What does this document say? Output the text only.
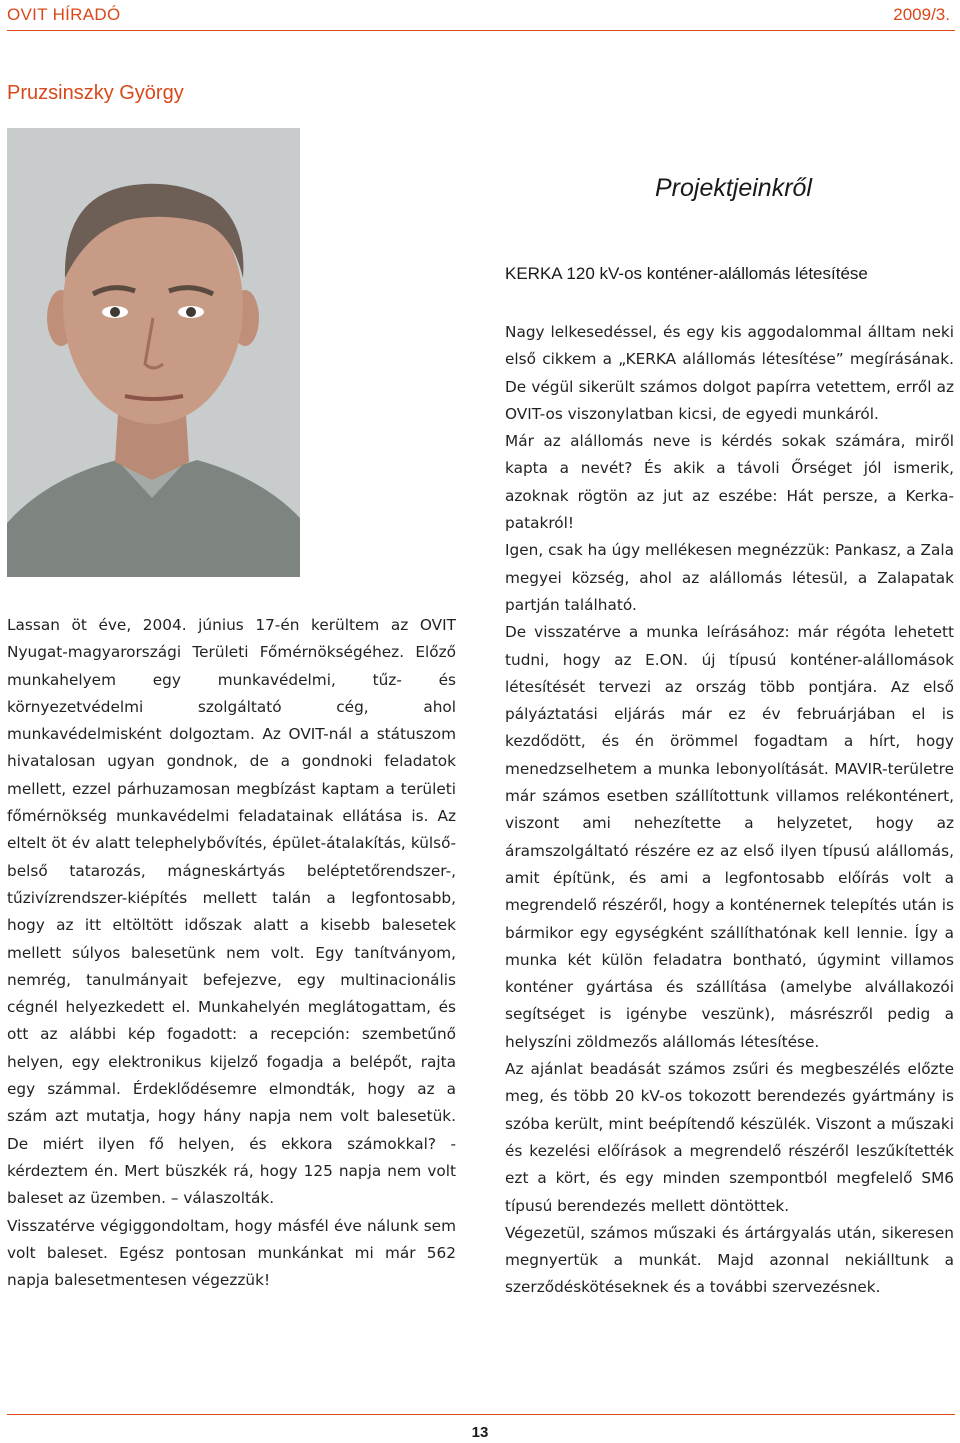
OVIT HÍRADÓ	2009/3.
Pruzsinszky György
Projektjeinkről
KERKA 120 kV-os konténer-alállomás létesítése

Nagy lelkesedéssel, és egy kis aggodalommal álltam neki első cikkem a „KERKA alállomás létesítése” megírásának. De végül sikerült számos dolgot papírra vetettem, erről az OVIT-os viszonylatban kicsi, de egyedi munkáról.

Már az alállomás neve is kérdés sokak számára, miről kapta a nevét? És akik a távoli Őrséget jól ismerik, azoknak rögtön az jut az eszébe: Hát persze, a Kerka-patakról!

Igen, csak ha úgy mellékesen megnézzük: Pankasz, a Zala megyei község, ahol az alállomás létesül, a Zalapatak partján található.

De visszatérve a munka leírásához: már régóta lehetett tudni, hogy az E.ON. új típusú konténer-alállomások létesítését tervezi az ország több pontjára. Az első pályáztatási eljárás már ez év februárjában el is kezdődött, és én örömmel fogadtam a hírt, hogy menedzselhetem a munka lebonyolítását. MAVIR-területre már számos esetben szállítottunk villamos relékonténert, viszont ami nehezítette a helyzetet, hogy az áramszolgáltató részére ez az első ilyen típusú alállomás, amit építünk, és ami a legfontosabb előírás volt a megrendelő részéről, hogy a konténernek telepítés után is bármikor egy egységként szállíthatónak kell lennie. Így a munka két külön feladatra bontható, úgymint villamos konténer gyártása és szállítása (amelybe alvállakozói segítséget is igénybe veszünk), másrészről pedig a helyszíni zöldmezős alállomás létesítése.

Az ajánlat beadását számos zsűri és megbeszélés előzte meg, és több 20 kV-os tokozott berendezés gyártmány is szóba került, mint beépítendő készülék. Viszont a műszaki és kezelési előírások a megrendelő részéről leszűkítették ezt a kört, és egy minden szempontból megfelelő SM6 típusú berendezés mellett döntöttek.

Végezetül, számos műszaki és ártárgyalás után, sikeresen megnyertük a munkát. Majd azonnal nekiálltunk a szerződéskötéseknek és a további szervezésnek.

Lassan öt éve, 2004. június 17-én kerültem az OVIT Nyugat-magyarországi Területi Főmérnökségéhez. Előző munkahelyem egy munkavédelmi, tűz- és környezetvédelmi szolgáltató cég, ahol munkavédelmisként dolgoztam. Az OVIT-nál a státuszom hivatalosan ugyan gondnok, de a gondnoki feladatok mellett, ezzel párhuzamosan megbízást kaptam a területi főmérnökség munkavédelmi feladatainak ellátása is. Az eltelt öt év alatt telephelybővítés, épület-átalakítás, külső-belső tatarozás, mágneskártyás beléptetőrendszer-, tűzivízrendszer-kiépítés mellett talán a legfontosabb, hogy az itt eltöltött időszak alatt a kisebb balesetek mellett súlyos balesetünk nem volt. Egy tanítványom, nemrég, tanulmányait befejezve, egy multinacionális cégnél helyezkedett el. Munkahelyén meglátogattam, és ott az alábbi kép fogadott: a recepción: szembetűnő helyen, egy elektronikus kijelző fogadja a belépőt, rajta egy számmal. Érdeklődésemre elmondták, hogy az a szám azt mutatja, hogy hány napja nem volt balesetük. De miért ilyen fő helyen, és ekkora számokkal? - kérdeztem én. Mert büszkék rá, hogy 125 napja nem volt baleset az üzemben. – válaszolták.

Visszatérve végiggondoltam, hogy másfél éve nálunk sem volt baleset. Egész pontosan munkánkat mi már 562 napja balesetmentesen végezzük!

13
